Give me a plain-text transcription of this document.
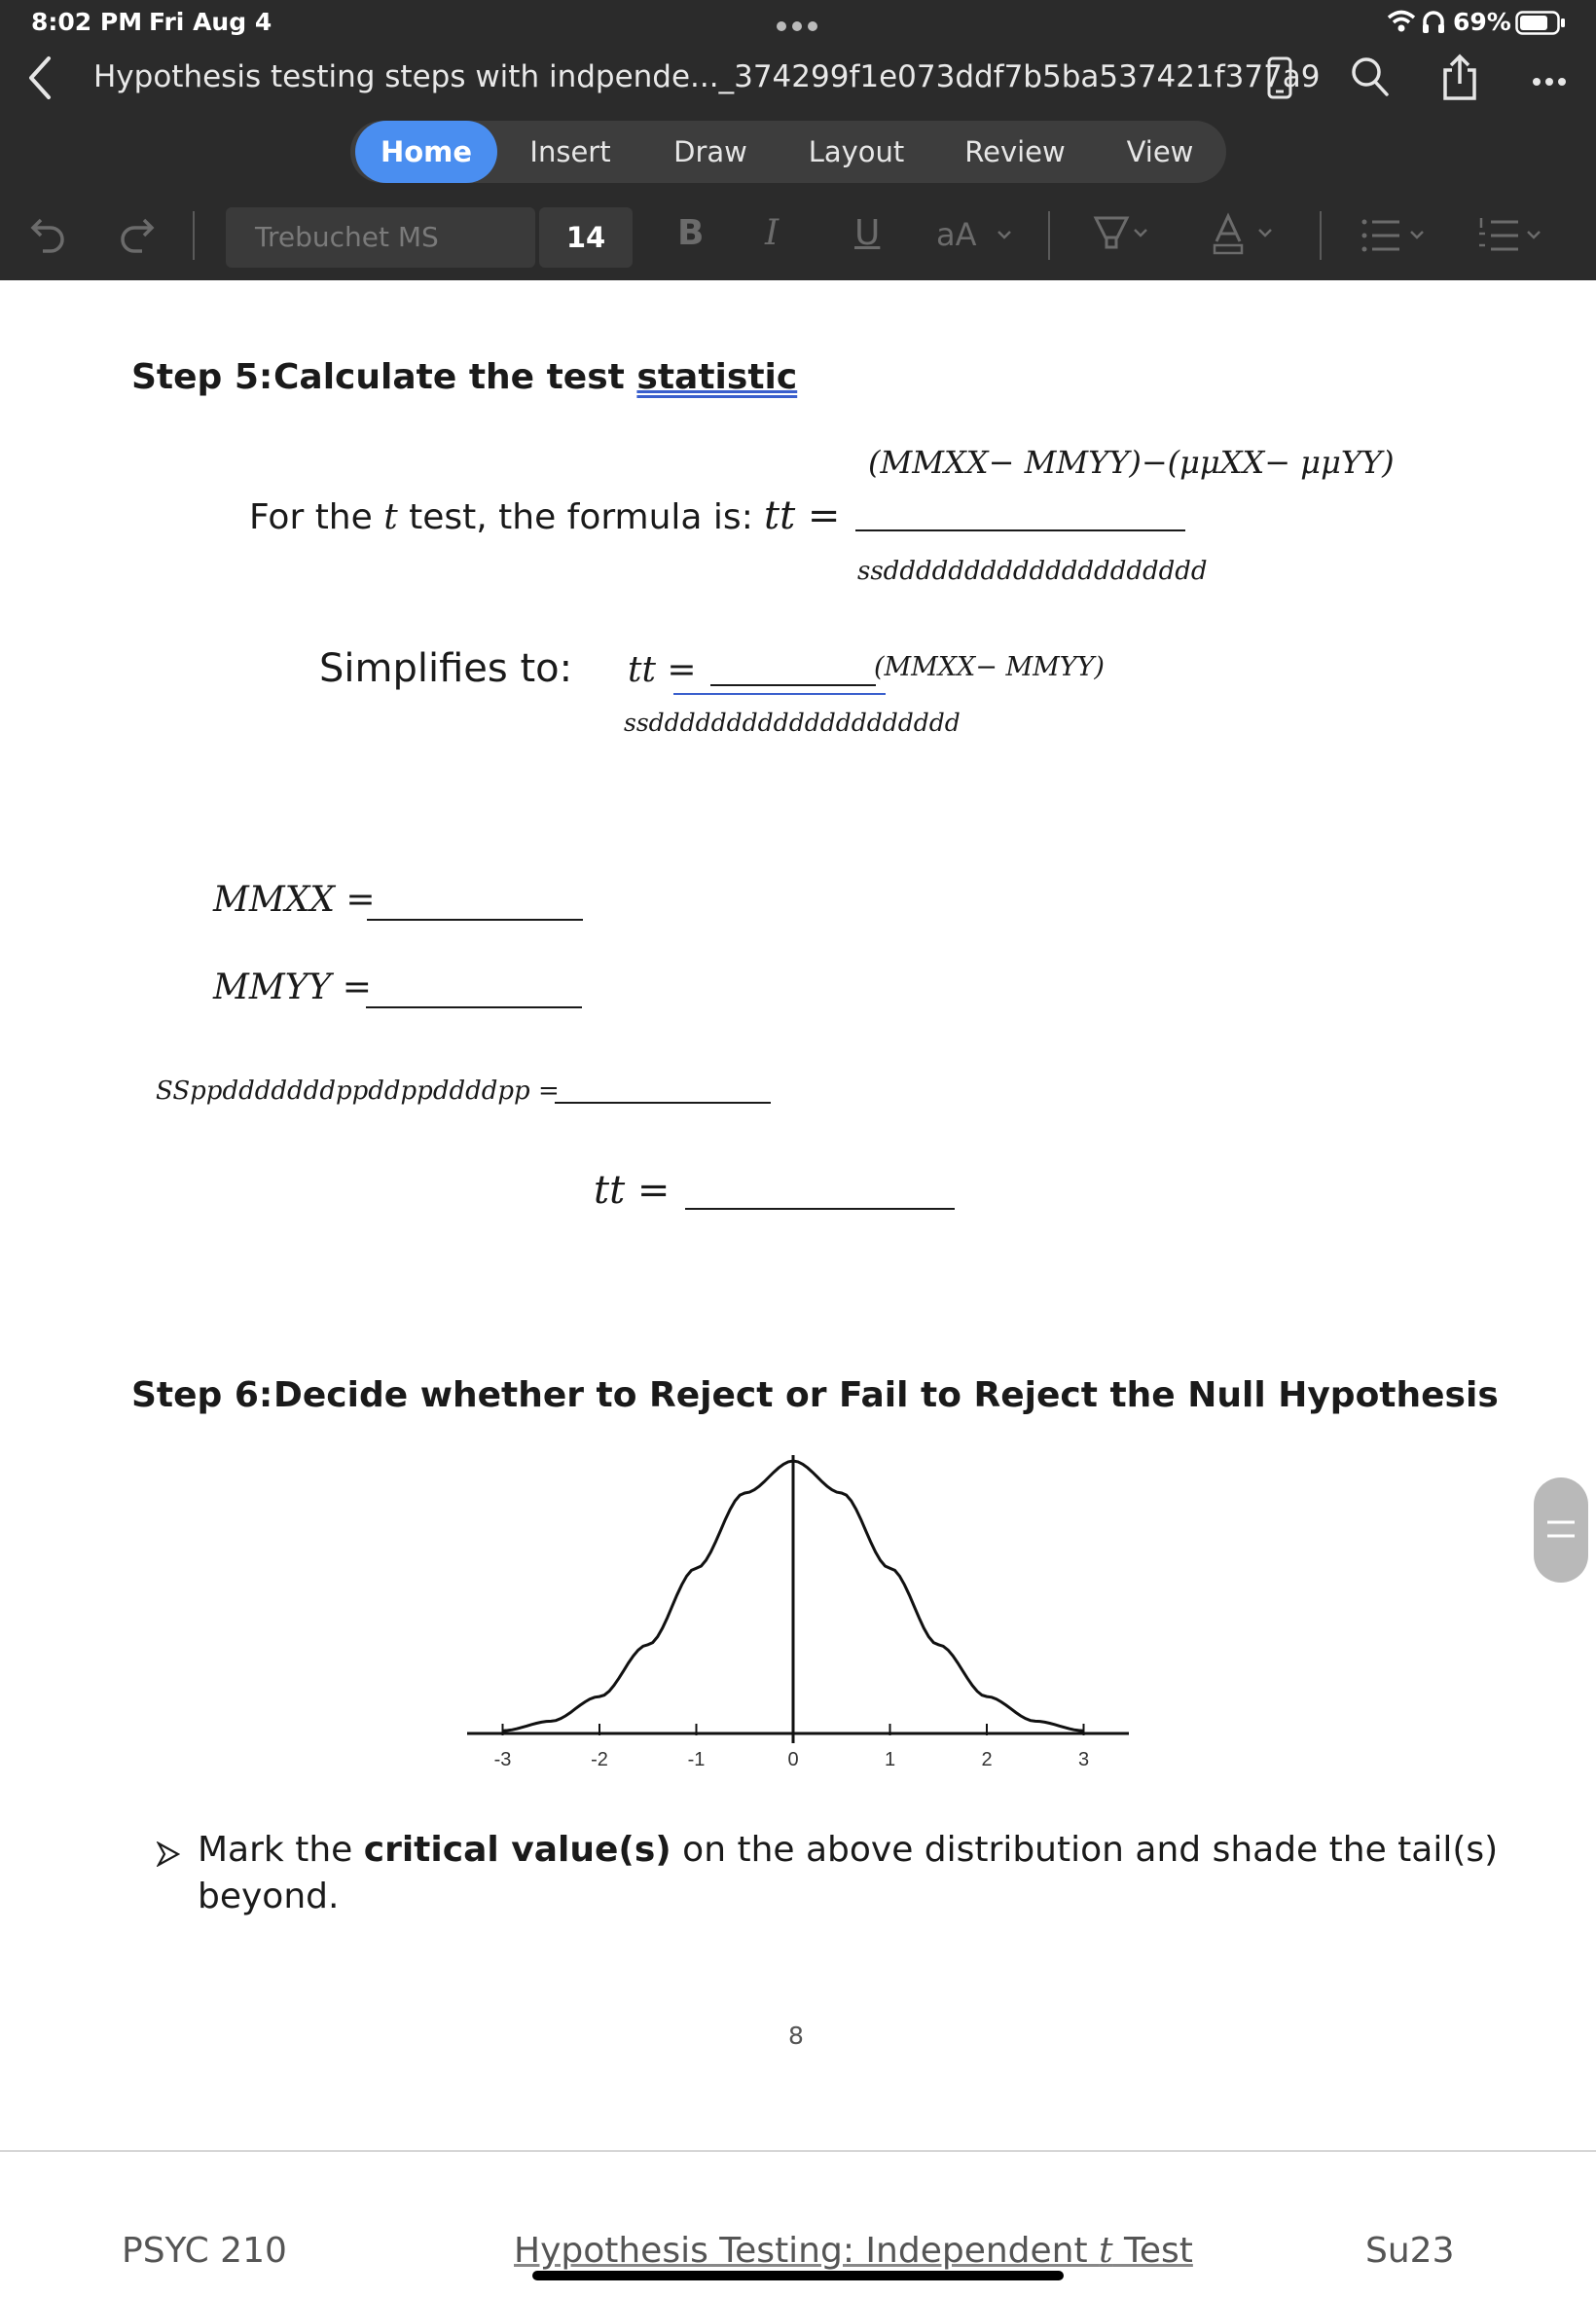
8:02 PM Fri Aug 4	69%
Hypothesis testing steps with indpende..._374299f1e073ddf7b5ba537421f377a9
Home	Insert	Draw	Layout	Review	View
Trebuchet MS	14	B I U aA
Step 5: Calculate the test statistic
(MMXX− MMYY)−(μμXX− μμYY)
For the t test, the formula is: tt =
ssdddddddddddddddddddd
Simplifies to: tt =	(MMXX− MMYY)
ssdddddddddddddddddddd
MMXX =
MMYY =
SSppdddddddppddppddddpp =
tt =
Step 6: Decide whether to Reject or Fail to Reject the Null Hypothesis
-3	-2	-1	0	1	2	3
Mark the critical value(s) on the above distribution and shade the tail(s)
beyond.
8
PSYC 210	Hypothesis Testing: Independent t Test	Su23
